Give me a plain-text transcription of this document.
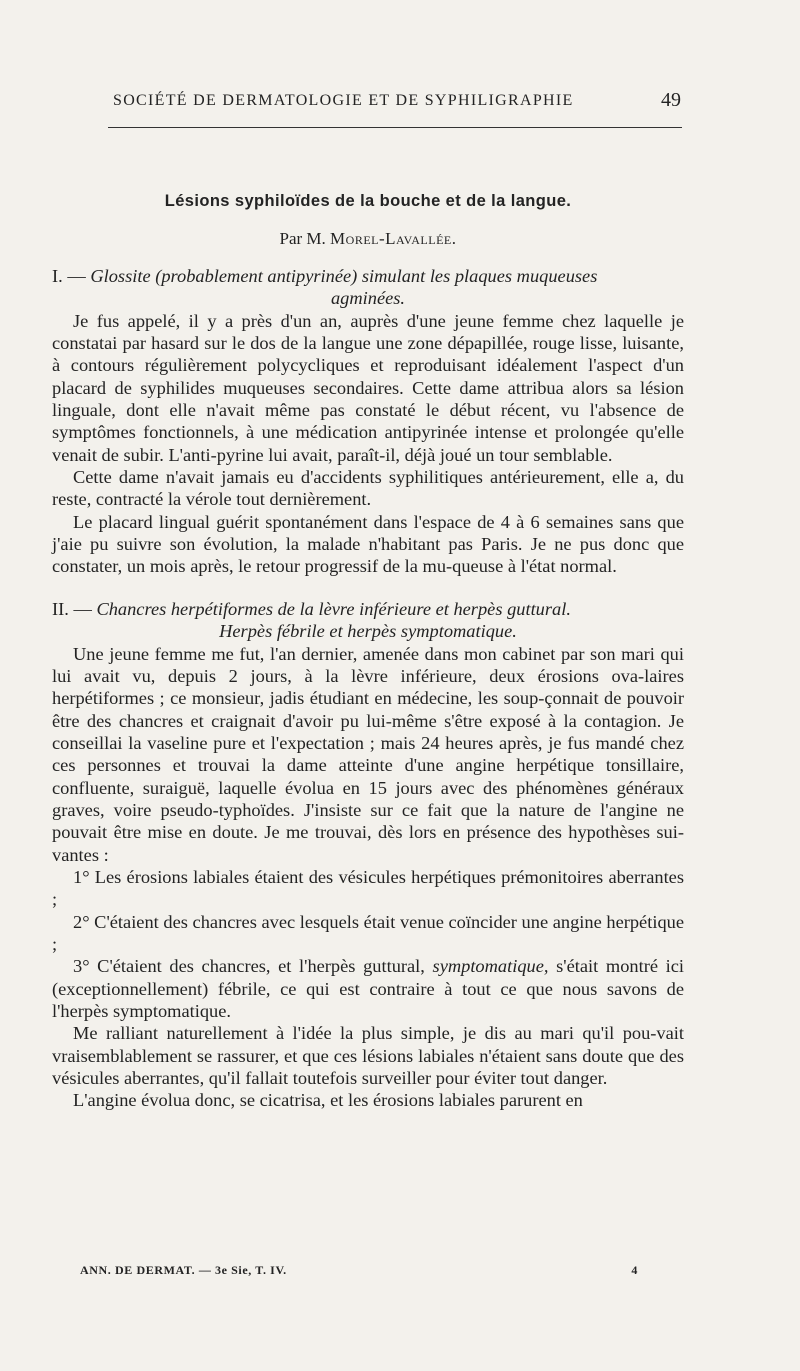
SOCIÉTÉ DE DERMATOLOGIE ET DE SYPHILIGRAPHIE	49
Lésions syphiloïdes de la bouche et de la langue.
Par M. Morel-Lavallée.

I. — Glossite (probablement antipyrinée) simulant les plaques muqueuses

agminées.

Je fus appelé, il y a près d'un an, auprès d'une jeune femme chez laquelle je constatai par hasard sur le dos de la langue une zone dépapillée, rouge lisse, luisante, à contours régulièrement polycycliques et reproduisant idéalement l'aspect d'un placard de syphilides muqueuses secondaires. Cette dame attribua alors sa lésion linguale, dont elle n'avait même pas constaté le début récent, vu l'absence de symptômes fonctionnels, à une médication antipyrinée intense et prolongée qu'elle venait de subir. L'anti-pyrine lui avait, paraît-il, déjà joué un tour semblable.

Cette dame n'avait jamais eu d'accidents syphilitiques antérieurement, elle a, du reste, contracté la vérole tout dernièrement.

Le placard lingual guérit spontanément dans l'espace de 4 à 6 semaines sans que j'aie pu suivre son évolution, la malade n'habitant pas Paris. Je ne pus donc que constater, un mois après, le retour progressif de la mu-queuse à l'état normal.

II. — Chancres herpétiformes de la lèvre inférieure et herpès guttural.

Herpès fébrile et herpès symptomatique.

Une jeune femme me fut, l'an dernier, amenée dans mon cabinet par son mari qui lui avait vu, depuis 2 jours, à la lèvre inférieure, deux érosions ova-laires herpétiformes ; ce monsieur, jadis étudiant en médecine, les soup-çonnait de pouvoir être des chancres et craignait d'avoir pu lui-même s'être exposé à la contagion. Je conseillai la vaseline pure et l'expectation ; mais 24 heures après, je fus mandé chez ces personnes et trouvai la dame atteinte d'une angine herpétique tonsillaire, confluente, suraiguë, laquelle évolua en 15 jours avec des phénomènes généraux graves, voire pseudo-typhoïdes. J'insiste sur ce fait que la nature de l'angine ne pouvait être mise en doute. Je me trouvai, dès lors en présence des hypothèses sui-vantes :

1° Les érosions labiales étaient des vésicules herpétiques prémonitoires aberrantes ;

2° C'étaient des chancres avec lesquels était venue coïncider une angine herpétique ;

3° C'étaient des chancres, et l'herpès guttural, symptomatique, s'était montré ici (exceptionnellement) fébrile, ce qui est contraire à tout ce que nous savons de l'herpès symptomatique.

Me ralliant naturellement à l'idée la plus simple, je dis au mari qu'il pou-vait vraisemblablement se rassurer, et que ces lésions labiales n'étaient sans doute que des vésicules aberrantes, qu'il fallait toutefois surveiller pour éviter tout danger.

L'angine évolua donc, se cicatrisa, et les érosions labiales parurent en

ANN. DE DERMAT. — 3e Sie, T. IV.	4
